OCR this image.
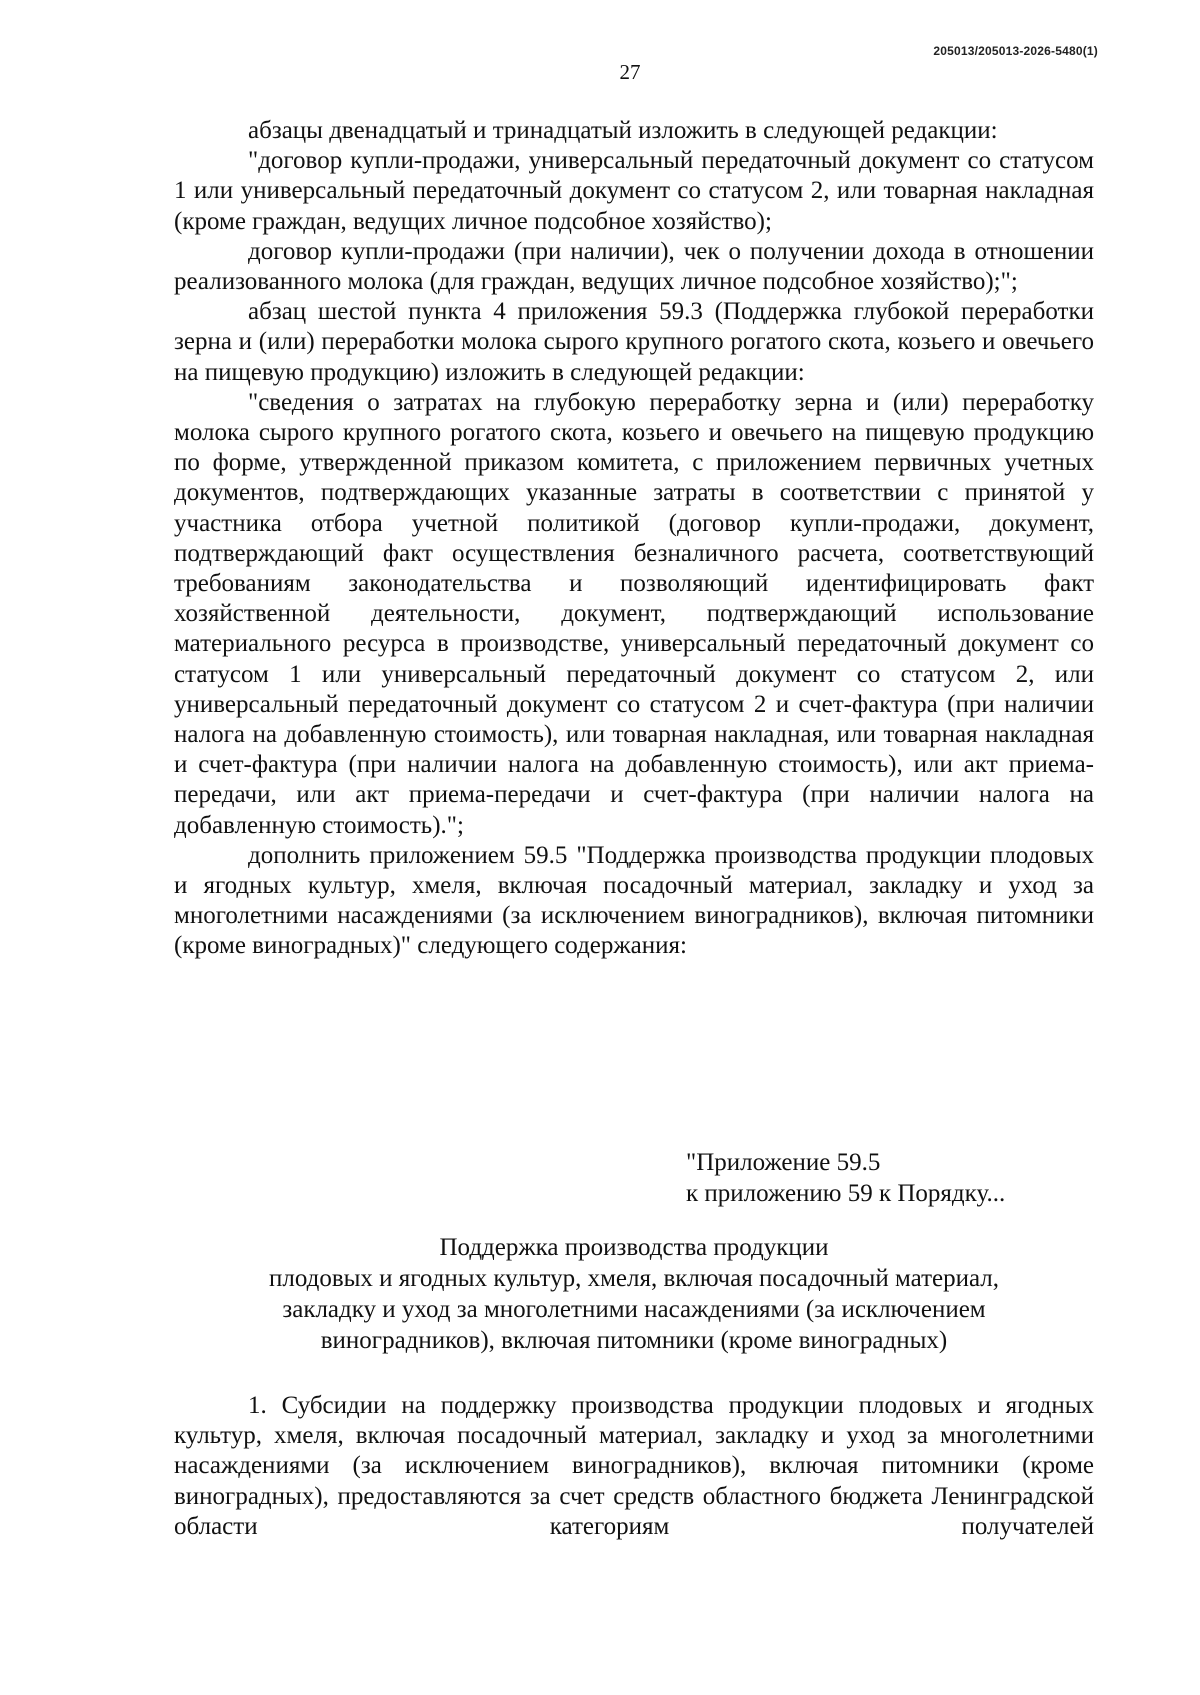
205013/205013-2026-5480(1)
27

абзацы двенадцатый и тринадцатый изложить в следующей редакции:

"договор купли-продажи, универсальный передаточный документ со статусом 1 или универсальный передаточный документ со статусом 2, или товарная накладная (кроме граждан, ведущих личное подсобное хозяйство);

договор купли-продажи (при наличии), чек о получении дохода в отношении реализованного молока (для граждан, ведущих личное подсобное хозяйство);";

абзац шестой пункта 4 приложения 59.3 (Поддержка глубокой переработки зерна и (или) переработки молока сырого крупного рогатого скота, козьего и овечьего на пищевую продукцию) изложить в следующей редакции:

"сведения о затратах на глубокую переработку зерна и (или) переработку молока сырого крупного рогатого скота, козьего и овечьего на пищевую продукцию по форме, утвержденной приказом комитета, с приложением первичных учетных документов, подтверждающих указанные затраты в соответствии с принятой у участника отбора учетной политикой (договор купли-продажи, документ, подтверждающий факт осуществления безналичного расчета, соответствующий требованиям законодательства и позволяющий идентифицировать факт хозяйственной деятельности, документ, подтверждающий использование материального ресурса в производстве, универсальный передаточный документ со статусом 1 или универсальный передаточный документ со статусом 2, или универсальный передаточный документ со статусом 2 и счет-фактура (при наличии налога на добавленную стоимость), или товарная накладная, или товарная накладная и счет-фактура (при наличии налога на добавленную стоимость), или акт приема-передачи, или акт приема-передачи и счет-фактура (при наличии налога на добавленную стоимость).";

дополнить приложением 59.5 "Поддержка производства продукции плодовых и ягодных культур, хмеля, включая посадочный материал, закладку и уход за многолетними насаждениями (за исключением виноградников), включая питомники (кроме виноградных)" следующего содержания:

"Приложение 59.5
к приложению 59 к Порядку...
Поддержка производства продукции
плодовых и ягодных культур, хмеля, включая посадочный материал,
закладку и уход за многолетними насаждениями (за исключением
виноградников), включая питомники (кроме виноградных)

1. Субсидии на поддержку производства продукции плодовых и ягодных культур, хмеля, включая посадочный материал, закладку и уход за многолетними насаждениями (за исключением виноградников), включая питомники (кроме виноградных), предоставляются за счет средств областного бюджета Ленинградской области категориям получателей
